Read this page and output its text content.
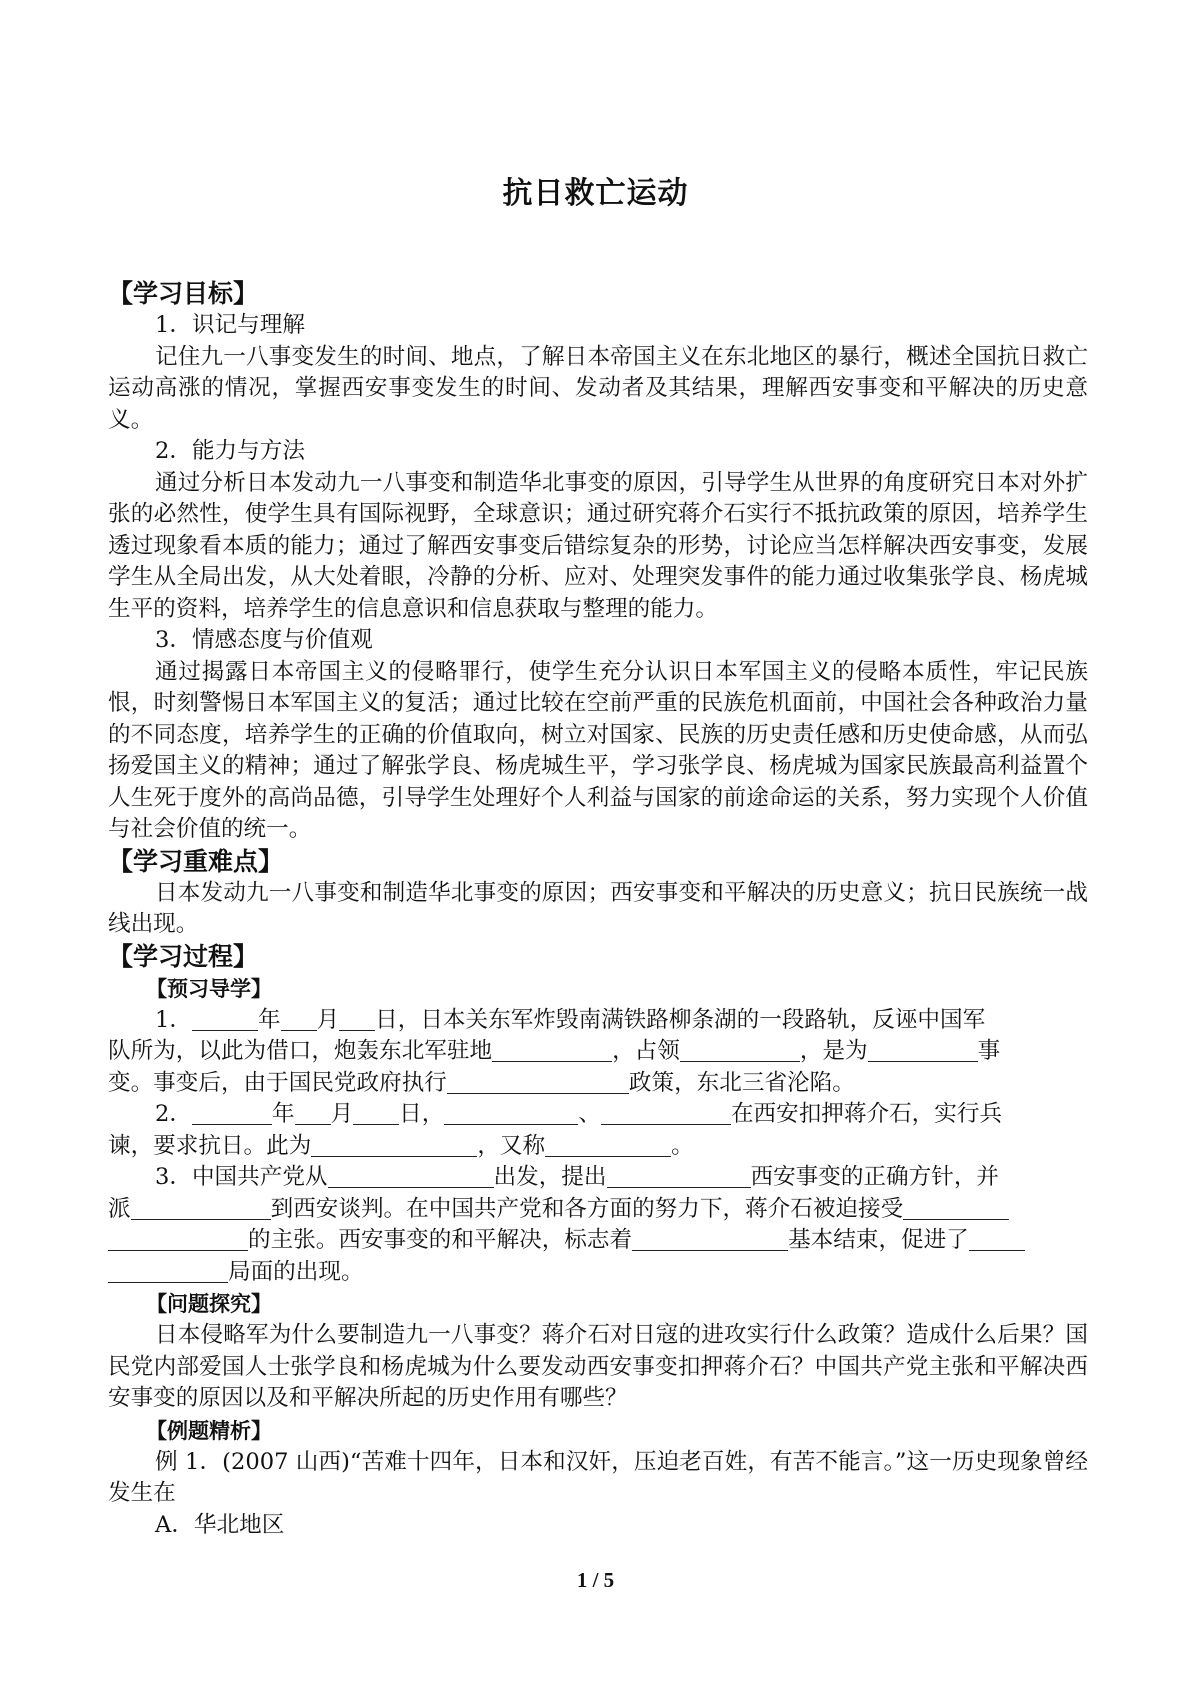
抗日救亡运动
【学习目标】
1．识记与理解
记住九一八事变发生的时间、地点，了解日本帝国主义在东北地区的暴行，概述全国抗日救亡运动高涨的情况，掌握西安事变发生的时间、发动者及其结果，理解西安事变和平解决的历史意义。
2．能力与方法
通过分析日本发动九一八事变和制造华北事变的原因，引导学生从世界的角度研究日本对外扩张的必然性，使学生具有国际视野，全球意识；通过研究蒋介石实行不抵抗政策的原因，培养学生透过现象看本质的能力；通过了解西安事变后错综复杂的形势，讨论应当怎样解决西安事变，发展学生从全局出发，从大处着眼，冷静的分析、应对、处理突发事件的能力通过收集张学良、杨虎城生平的资料，培养学生的信息意识和信息获取与整理的能力。
3．情感态度与价值观
通过揭露日本帝国主义的侵略罪行，使学生充分认识日本军国主义的侵略本质性，牢记民族恨，时刻警惕日本军国主义的复活；通过比较在空前严重的民族危机面前，中国社会各种政治力量的不同态度，培养学生的正确的价值取向，树立对国家、民族的历史责任感和历史使命感，从而弘扬爱国主义的精神；通过了解张学良、杨虎城生平，学习张学良、杨虎城为国家民族最高利益置个人生死于度外的高尚品德，引导学生处理好个人利益与国家的前途命运的关系，努力实现个人价值与社会价值的统一。
【学习重难点】
日本发动九一八事变和制造华北事变的原因；西安事变和平解决的历史意义；抗日民族统一战线出现。
【学习过程】
【预习导学】
1．	年 月 日，日本关东军炸毁南满铁路柳条湖的一段路轨，反诬中国军
队所为，以此为借口，炮轰东北军驻地	，占领	，是为	事
变。事变后，由于国民党政府执行	政策，东北三省沦陷。
2．	年 月 日，	、	在西安扣押蒋介石，实行兵
谏，要求抗日。此为	，又称	。
3．中国共产党从	出发，提出	西安事变的正确方针，并
派	到西安谈判。在中国共产党和各方面的努力下，蒋介石被迫接受
的主张。西安事变的和平解决，标志着	基本结束，促进了
局面的出现。
【问题探究】
日本侵略军为什么要制造九一八事变？蒋介石对日寇的进攻实行什么政策？造成什么后果？国民党内部爱国人士张学良和杨虎城为什么要发动西安事变扣押蒋介石？中国共产党主张和平解决西安事变的原因以及和平解决所起的历史作用有哪些？
【例题精析】
例 1．(2007 山西)“苦难十四年，日本和汉奸，压迫老百姓，有苦不能言。”这一历史现象曾经发生在
A．华北地区
1 / 5
